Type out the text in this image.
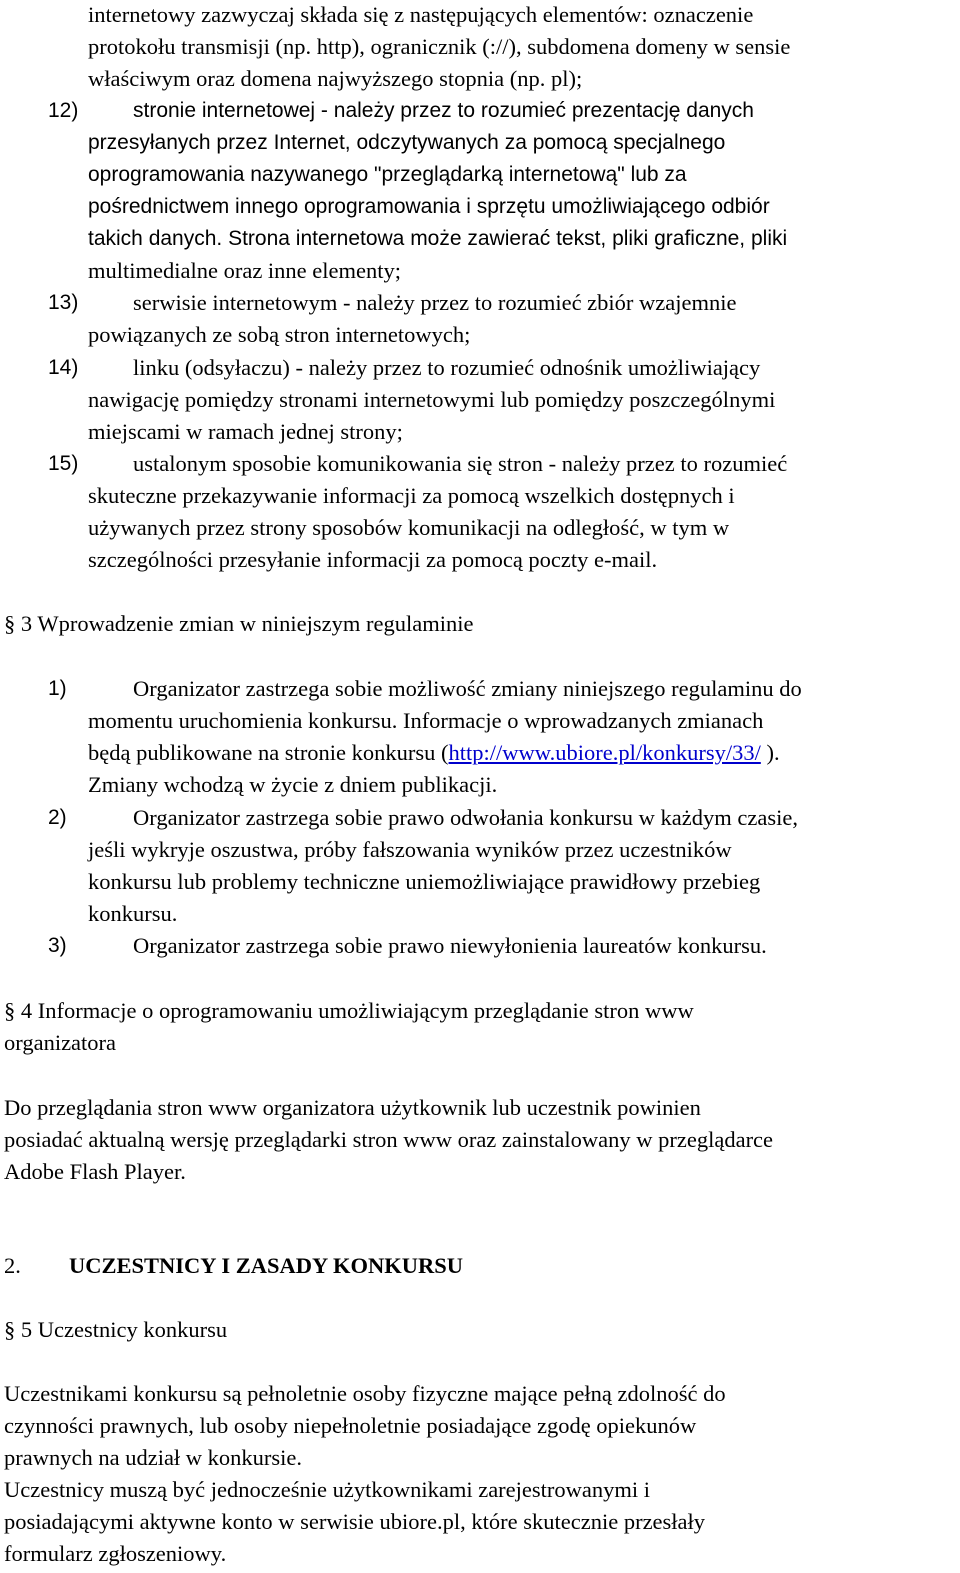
internetowy zazwyczaj składa się z następujących elementów: oznaczenie
protokołu transmisji (np. http), ogranicznik (://), subdomena domeny w sensie
właściwym oraz domena najwyższego stopnia (np. pl);
12)	stronie internetowej - należy przez to rozumieć prezentację danych
przesyłanych przez Internet, odczytywanych za pomocą specjalnego
oprogramowania nazywanego "przeglądarką internetową" lub za
pośrednictwem innego oprogramowania i sprzętu umożliwiającego odbiór
takich danych. Strona internetowa może zawierać tekst, pliki graficzne, pliki
multimedialne oraz inne elementy;
13) serwisie internetowym - należy przez to rozumieć zbiór wzajemnie
powiązanych ze sobą stron internetowych;
14) linku (odsyłaczu) - należy przez to rozumieć odnośnik umożliwiający
nawigację pomiędzy stronami internetowymi lub pomiędzy poszczególnymi
miejscami w ramach jednej strony;
15) ustalonym sposobie komunikowania się stron - należy przez to rozumieć
skuteczne przekazywanie informacji za pomocą wszelkich dostępnych i
używanych przez strony sposobów komunikacji na odległość, w tym w
szczególności przesyłanie informacji za pomocą poczty e-mail.
§ 3 Wprowadzenie zmian w niniejszym regulaminie
1)	Organizator zastrzega sobie możliwość zmiany niniejszego regulaminu do
momentu uruchomienia konkursu. Informacje o wprowadzanych zmianach
będą publikowane na stronie konkursu (http://www.ubiore.pl/konkursy/33/ ).
Zmiany wchodzą w życie z dniem publikacji.
2)	Organizator zastrzega sobie prawo odwołania konkursu w każdym czasie,
jeśli wykryje oszustwa, próby fałszowania wyników przez uczestników
konkursu lub problemy techniczne uniemożliwiające prawidłowy przebieg
konkursu.
3)	Organizator zastrzega sobie prawo niewyłonienia laureatów konkursu.
§ 4 Informacje o oprogramowaniu umożliwiającym przeglądanie stron www
organizatora
Do przeglądania stron www organizatora użytkownik lub uczestnik powinien
posiadać aktualną wersję przeglądarki stron www oraz zainstalowany w przeglądarce
Adobe Flash Player.
2. UCZESTNICY I ZASADY KONKURSU
§ 5 Uczestnicy konkursu
Uczestnikami konkursu są pełnoletnie osoby fizyczne mające pełną zdolność do
czynności prawnych, lub osoby niepełnoletnie posiadające zgodę opiekunów
prawnych na udział w konkursie.
Uczestnicy muszą być jednocześnie użytkownikami zarejestrowanymi i
posiadającymi aktywne konto w serwisie ubiore.pl, które skutecznie przesłały
formularz zgłoszeniowy.
